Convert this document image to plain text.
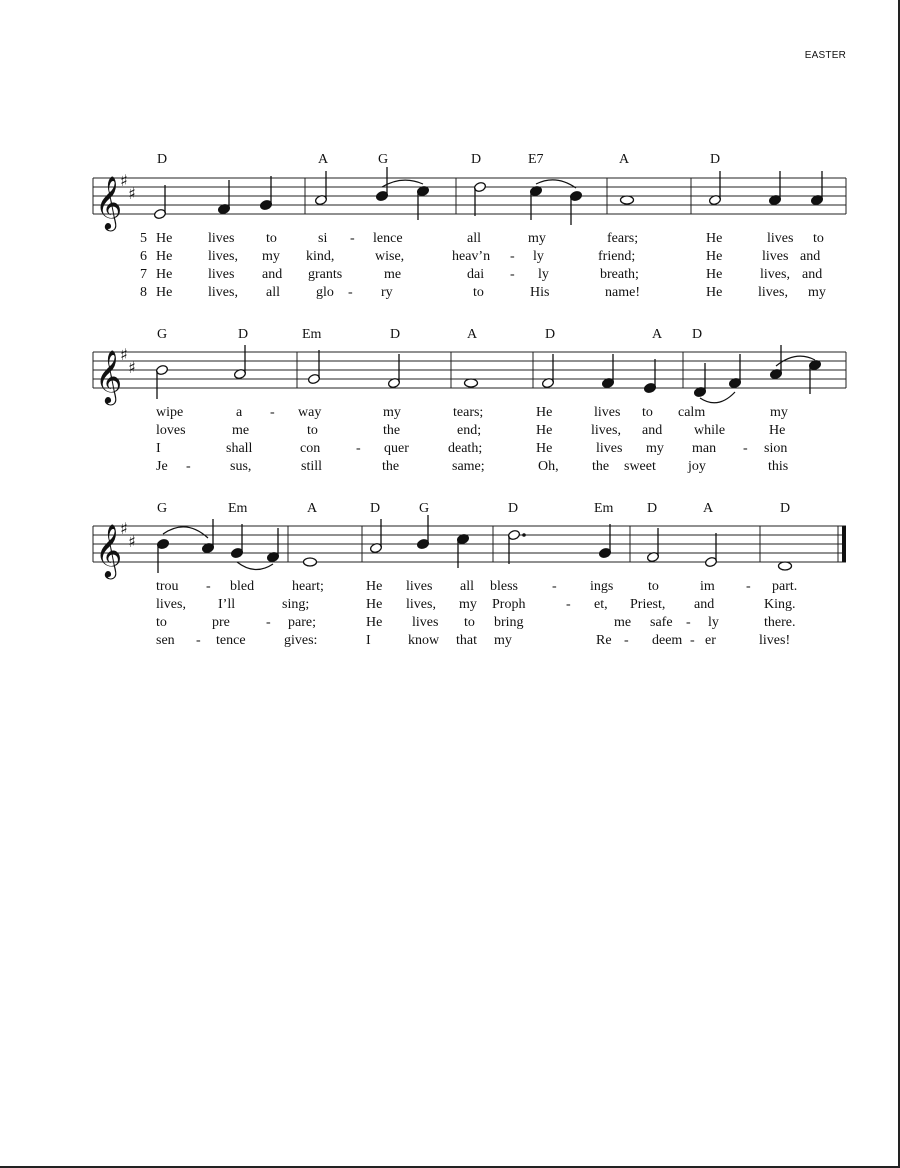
EASTER
D	A	G	D	E7	A	D
G	D	Em	D	A	D	A D
G	Em	A	D	G	D	Em D	A	D
𝄞
𝄞
𝄞
♯
♯
♯
♯
♯
♯
5 He	lives to	si - lence	all	my	fears;	He	lives to
6 He	lives, my kind,	wise,	heav’n - ly	friend;	He	lives and
7 He	lives and grants	me	dai - ly	breath;	He	lives, and
8 He	lives, all	glo - ry	to	His	name!	He	lives, my
wipe	a - way	my	tears;	He	lives to calm	my
loves	me	to	the	end;	He	lives, and while	He
I	shall	con	- quer	death;	He	lives my man - sion
Je -	sus,	still	the	same;	Oh, the sweet joy	this
trou - bled	heart;	He lives all bless - ings to	im - part.
lives, I’ll	sing;	He lives, my Proph	- et, Priest, and	King.
to	pre	- pare;	He lives to bring	me safe - ly	there.
sen - tence	gives:	I	know that my	Re - deem - er	lives!
